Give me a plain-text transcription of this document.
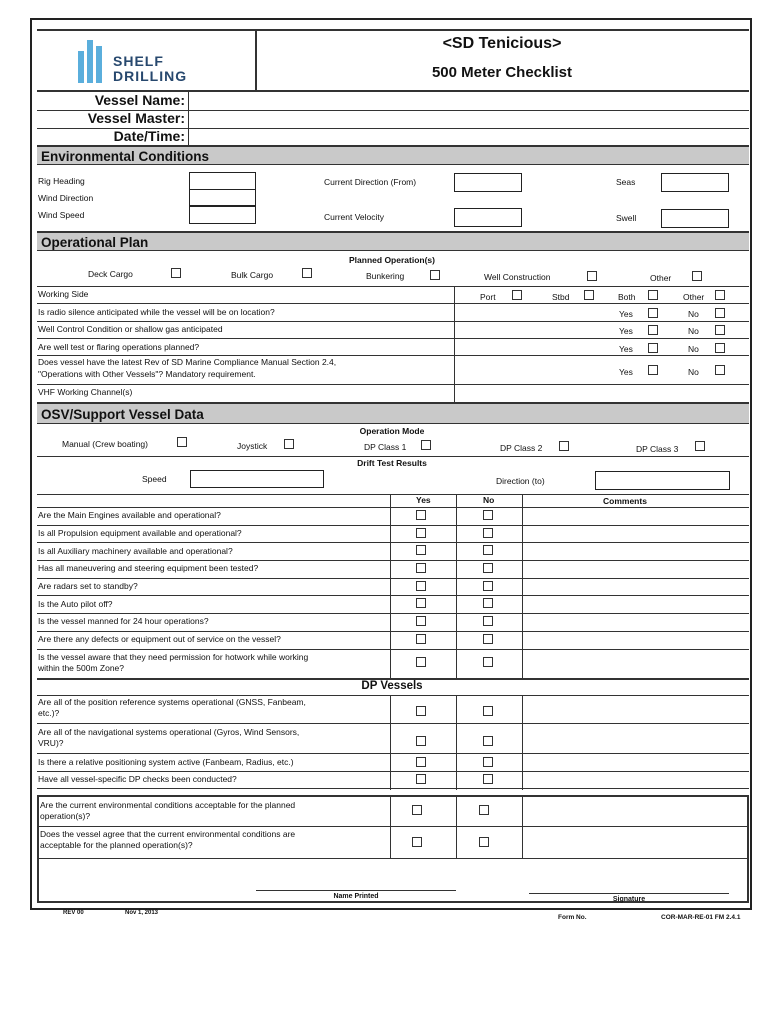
SHELF
DRILLING
<SD Tenicious>
500 Meter Checklist
Vessel Name:
Vessel Master:
Date/Time:
Environmental Conditions
Rig Heading
Wind Direction
Wind Speed
Current Direction (From)
Current Velocity
Seas
Swell
Operational Plan
Planned Operation(s)
Deck Cargo	Bulk Cargo	Bunkering	Well Construction	Other
Working Side	Port	Stbd	Both	Other
Is radio silence anticipated while the vessel will be on location?	Yes	No
Well Control Condition or shallow gas anticipated	Yes	No
Are well test or flaring operations planned?	Yes	No
Does vessel have the latest Rev of SD Marine Compliance Manual Section 2.4,
"Operations with Other Vessels"? Mandatory requirement.	Yes	No
VHF Working Channel(s)
OSV/Support Vessel Data
Operation Mode
Manual (Crew boating)	Joystick	DP Class 1	DP Class 2	DP Class 3
Drift Test Results
Speed	Direction (to)
Yes	No	Comments
Are the Main Engines available and operational?
Is all Propulsion equipment available and operational?
Is all Auxiliary machinery available and operational?
Has all maneuvering and steering equipment been tested?
Are radars set to standby?
Is the Auto pilot off?
Is the vessel manned for 24 hour operations?
Are there any defects or equipment out of service on the vessel?
Is the vessel aware that they need permission for hotwork while working
within the 500m Zone?
DP Vessels
Are all of the position reference systems operational (GNSS, Fanbeam,
etc.)?
Are all of the navigational systems operational (Gyros, Wind Sensors,
VRU)?
Is there a relative positioning system active (Fanbeam, Radius, etc.)
Have all vessel-specific DP checks been conducted?
Are the current environmental conditions acceptable for the planned
operation(s)?
Does the vessel agree that the current environmental conditions are
acceptable for the planned operation(s)?
Name Printed	Signature
REV 00	Nov 1, 2013
Form No.	COR-MAR-RE-01 FM 2.4.1
